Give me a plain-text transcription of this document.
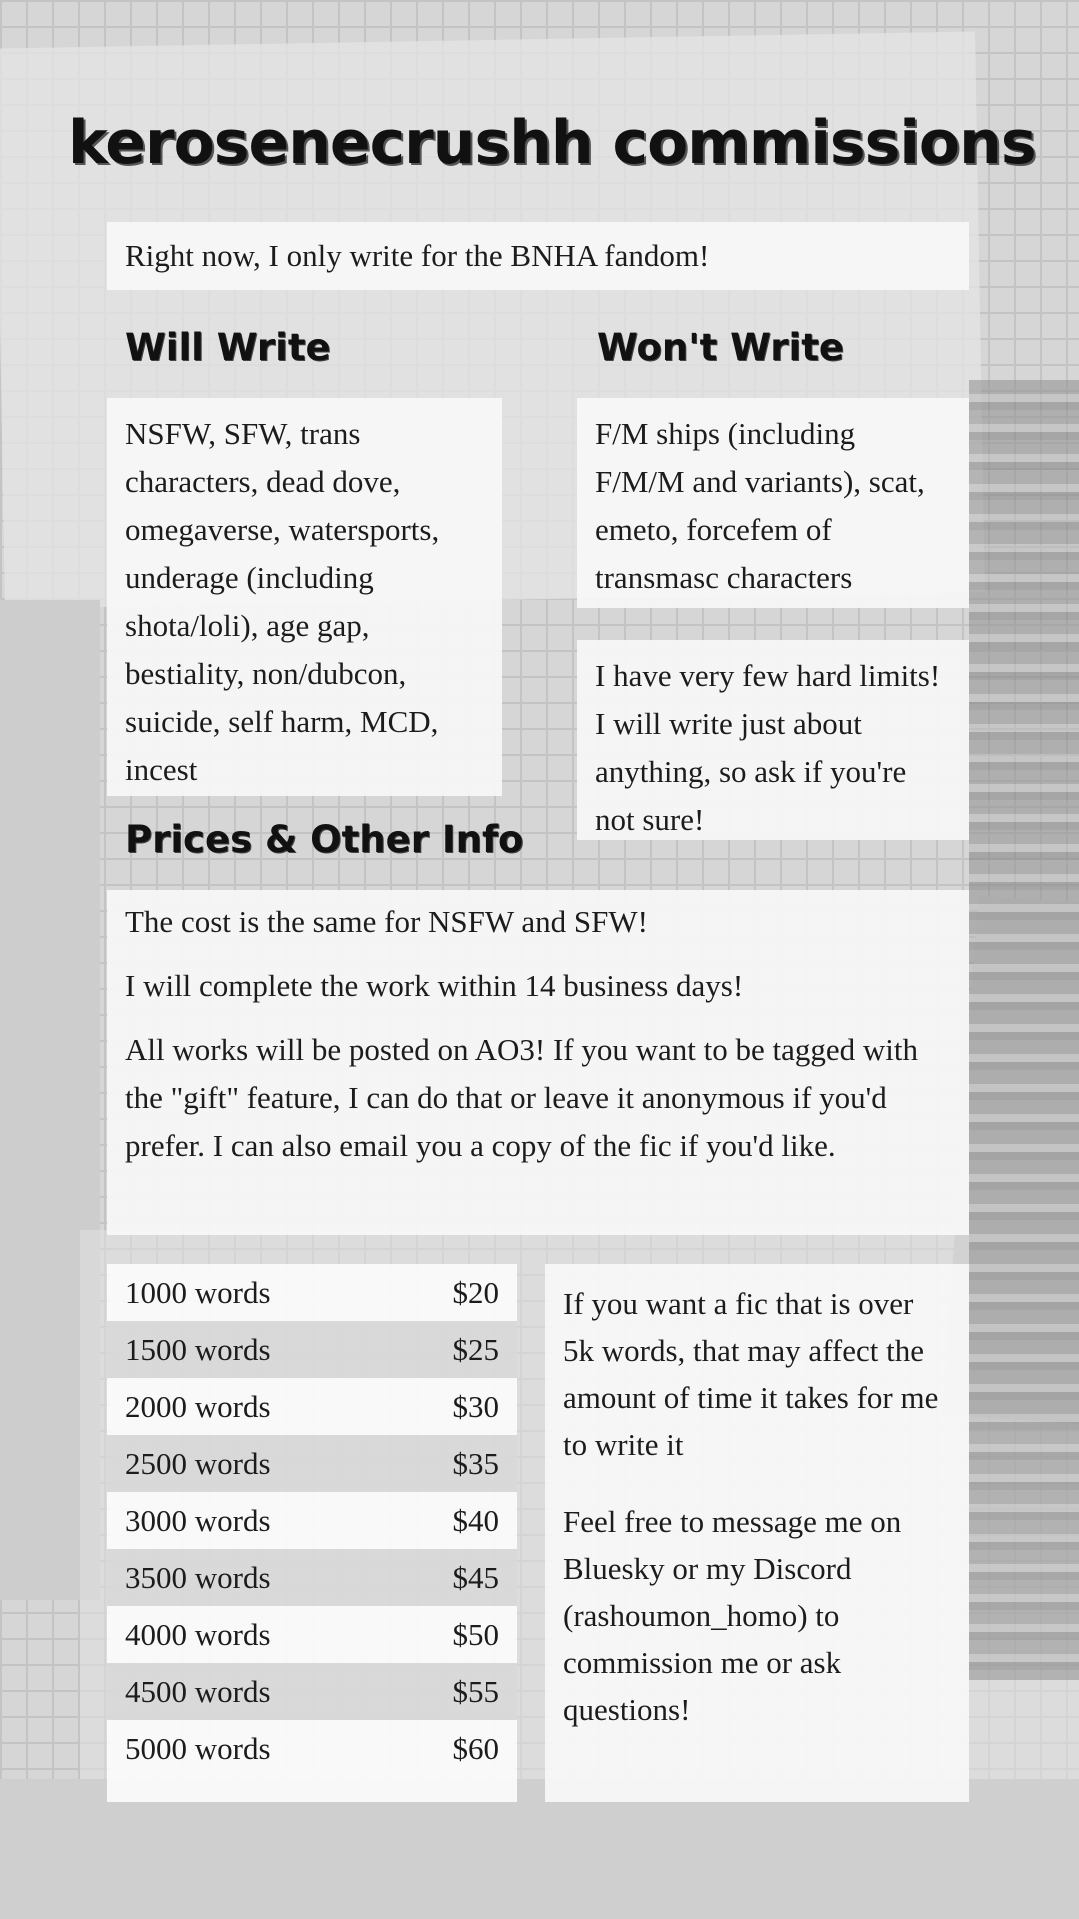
kerosenecrushh commissions
Right now, I only write for the BNHA fandom!
Will Write	Won't Write
NSFW, SFW, trans characters, dead dove, omegaverse, watersports, underage (including shota/loli), age gap, bestiality, non/dubcon, suicide, self harm, MCD, incest
F/M ships (including F/M/M and variants), scat, emeto, forcefem of transmasc characters
I have very few hard limits! I will write just about anything, so ask if you're not sure!
Prices & Other Info

The cost is the same for NSFW and SFW!

I will complete the work within 14 business days!

All works will be posted on AO3! If you want to be tagged with the "gift" feature, I can do that or leave it anonymous if you'd prefer. I can also email you a copy of the fic if you'd like.

1000 words	$20
1500 words	$25
2000 words	$30
2500 words	$35
3000 words	$40
3500 words	$45
4000 words	$50
4500 words	$55
5000 words	$60

If you want a fic that is over 5k words, that may affect the amount of time it takes for me to write it

Feel free to message me on Bluesky or my Discord (rashoumon_homo) to commission me or ask questions!
